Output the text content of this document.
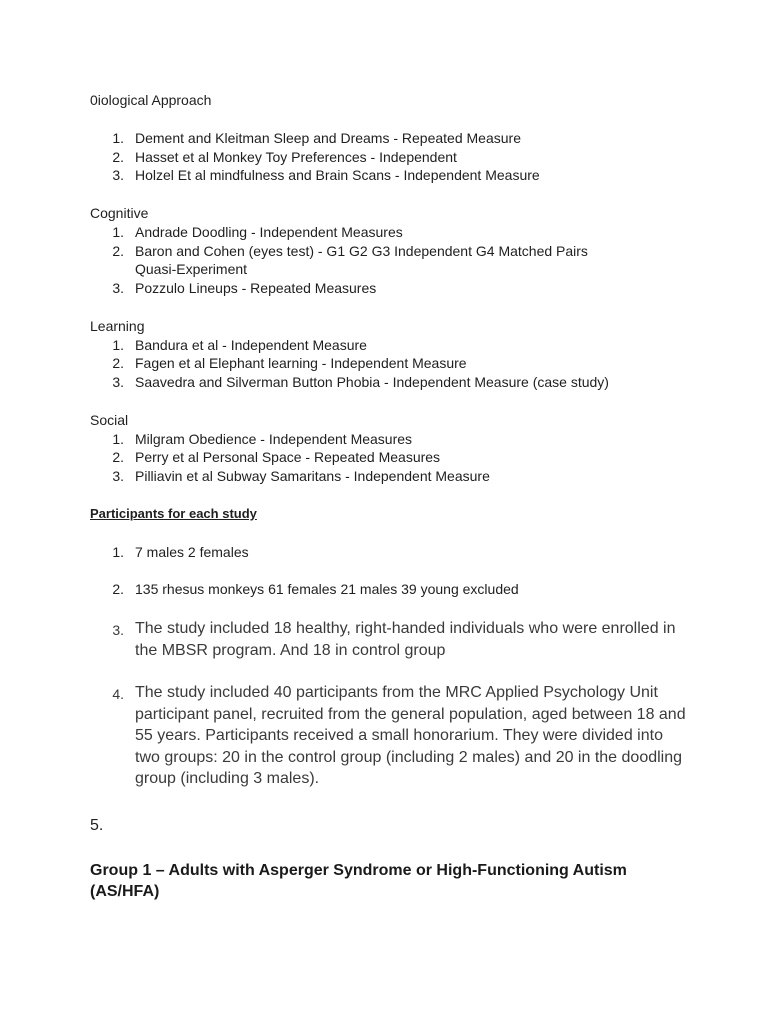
0iological Approach

1. Dement and Kleitman Sleep and Dreams - Repeated Measure
2. Hasset et al Monkey Toy Preferences - Independent
3. Holzel Et al mindfulness and Brain Scans - Independent Measure

Cognitive

1. Andrade Doodling - Independent Measures
2. Baron and Cohen (eyes test) - G1 G2 G3 Independent G4 Matched Pairs
Quasi-Experiment
3. Pozzulo Lineups - Repeated Measures

Learning

1. Bandura et al - Independent Measure
2. Fagen et al Elephant learning - Independent Measure
3. Saavedra and Silverman Button Phobia - Independent Measure (case study)

Social

1. Milgram Obedience - Independent Measures
2. Perry et al Personal Space - Repeated Measures
3. Pilliavin et al Subway Samaritans - Independent Measure

Participants for each study

1. 7 males 2 females
2. 135 rhesus monkeys 61 females 21 males 39 young excluded
3. The study included 18 healthy, right-handed individuals who were enrolled in
the MBSR program. And 18 in control group
4. The study included 40 participants from the MRC Applied Psychology Unit
participant panel, recruited from the general population, aged between 18 and
55 years. Participants received a small honorarium. They were divided into
two groups: 20 in the control group (including 2 males) and 20 in the doodling
group (including 3 males).

5.

Group 1 – Adults with Asperger Syndrome or High-Functioning Autism
(AS/HFA)
